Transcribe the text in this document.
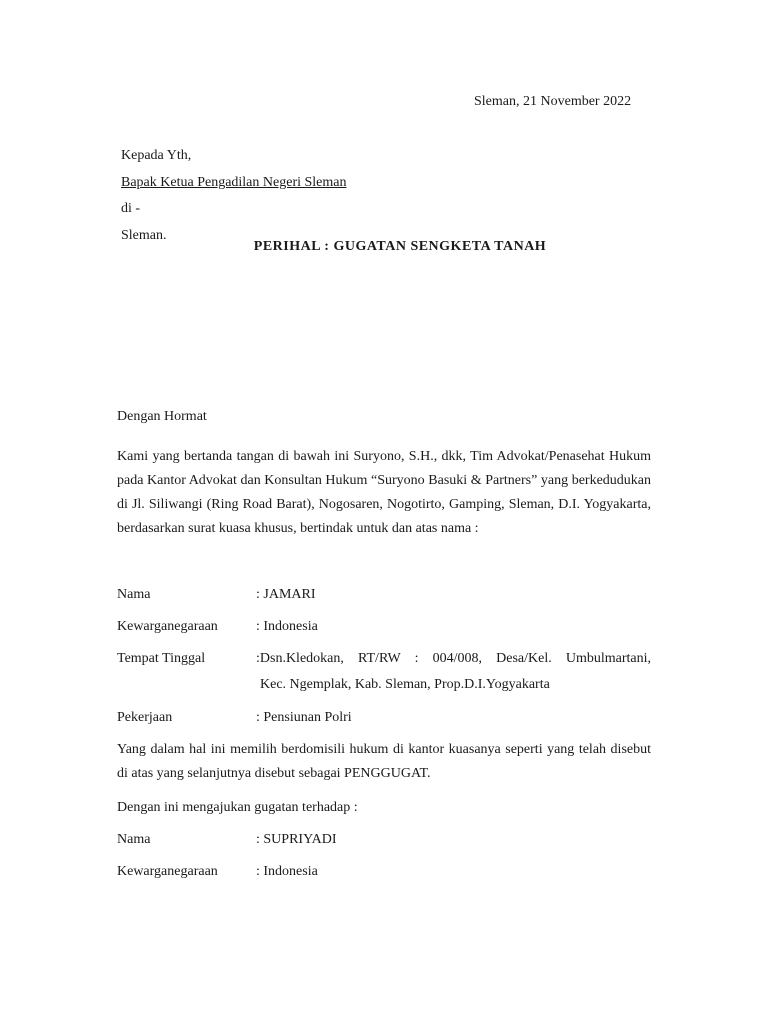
Sleman, 21 November 2022
Kepada Yth,
Bapak Ketua Pengadilan Negeri Sleman
di -
Sleman.
PERIHAL : GUGATAN SENGKETA TANAH
Dengan Hormat
Kami yang bertanda tangan di bawah ini Suryono, S.H., dkk, Tim Advokat/Penasehat Hukum pada Kantor Advokat dan Konsultan Hukum “Suryono Basuki & Partners” yang berkedudukan di Jl. Siliwangi (Ring Road Barat), Nogosaren, Nogotirto, Gamping, Sleman, D.I. Yogyakarta, berdasarkan surat kuasa khusus, bertindak untuk dan atas nama :
Nama	: JAMARI
Kewarganegaraan	: Indonesia
Tempat Tinggal	:Dsn.Kledokan, RT/RW : 004/008, Desa/Kel. Umbulmartani,
Kec. Ngemplak, Kab. Sleman, Prop.D.I.Yogyakarta
Pekerjaan	: Pensiunan Polri
Yang dalam hal ini memilih berdomisili hukum di kantor kuasanya seperti yang telah disebut di atas yang selanjutnya disebut sebagai PENGGUGAT.
Dengan ini mengajukan gugatan terhadap :
Nama	: SUPRIYADI
Kewarganegaraan	: Indonesia
